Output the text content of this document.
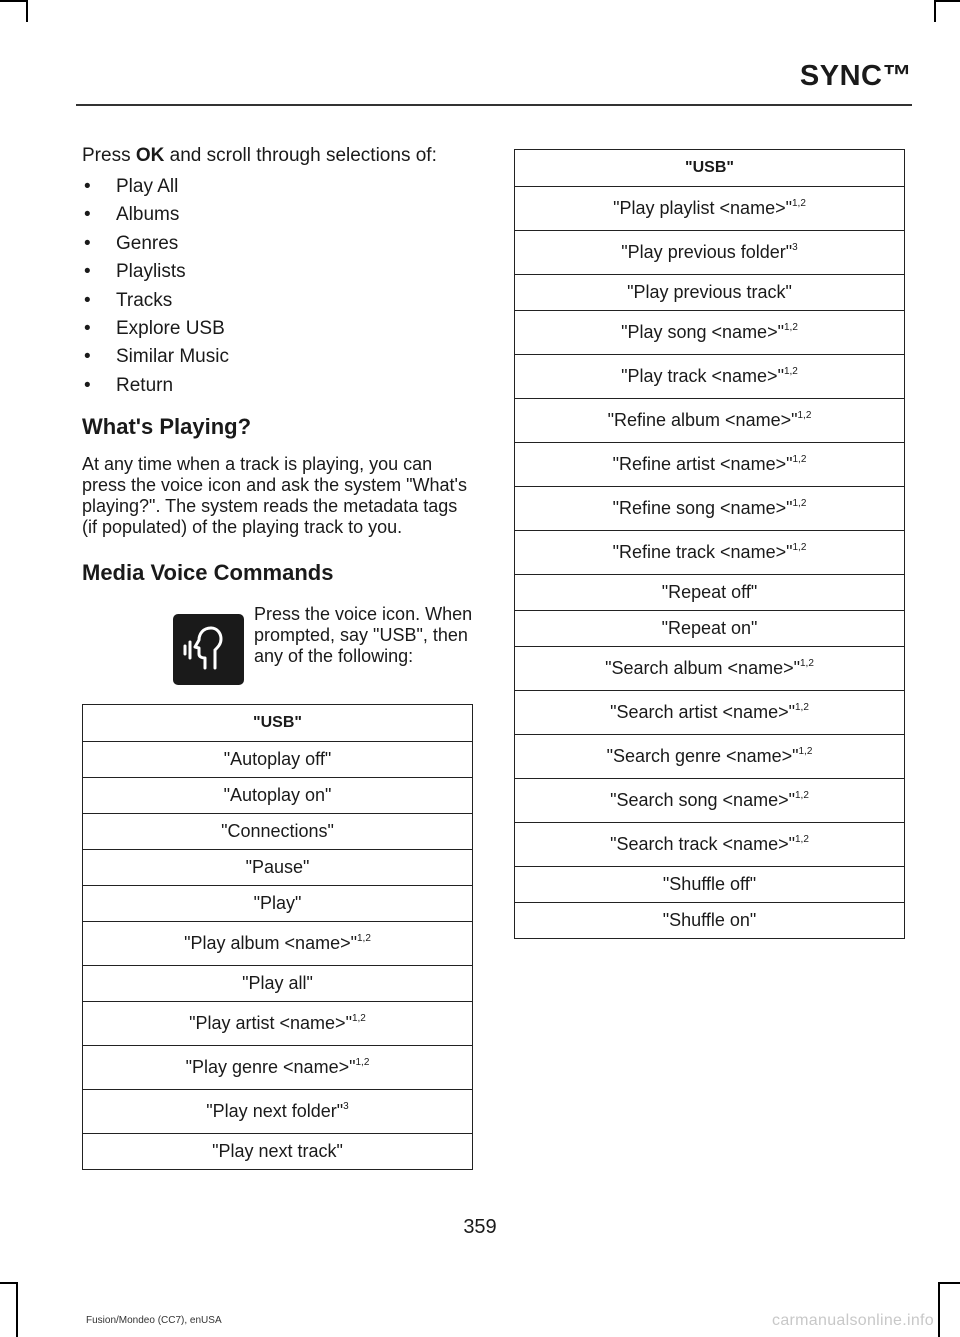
SYNC™

Press OK and scroll through selections of:

• Play All
• Albums
• Genres
• Playlists
• Tracks
• Explore USB
• Similar Music
• Return
What's Playing?

At any time when a track is playing, you can press the voice icon and ask the system "What's playing?". The system reads the metadata tags (if populated) of the playing track to you.

Media Voice Commands
Press the voice icon. When prompted, say "USB", then any of the following:
"USB"
"Autoplay off"
"Autoplay on"
"Connections"
"Pause"
"Play"
"Play album <name>"$^{1,2}$
"Play all"
"Play artist <name>"$^{1,2}$
"Play genre <name>"$^{1,2}$
"Play next folder"$^3$
"Play next track"
"USB"
"Play playlist <name>"$^{1,2}$
"Play previous folder"$^3$
"Play previous track"
"Play song <name>"$^{1,2}$
"Play track <name>"$^{1,2}$
"Refine album <name>"$^{1,2}$
"Refine artist <name>"$^{1,2}$
"Refine song <name>"$^{1,2}$
"Refine track <name>"$^{1,2}$
"Repeat off"
"Repeat on"
"Search album <name>"$^{1,2}$
"Search artist <name>"$^{1,2}$
"Search genre <name>"$^{1,2}$
"Search song <name>"$^{1,2}$
"Search track <name>"$^{1,2}$
"Shuffle off"
"Shuffle on"
359
Fusion/Mondeo (CC7), enUSA	carmanualsonline.info
